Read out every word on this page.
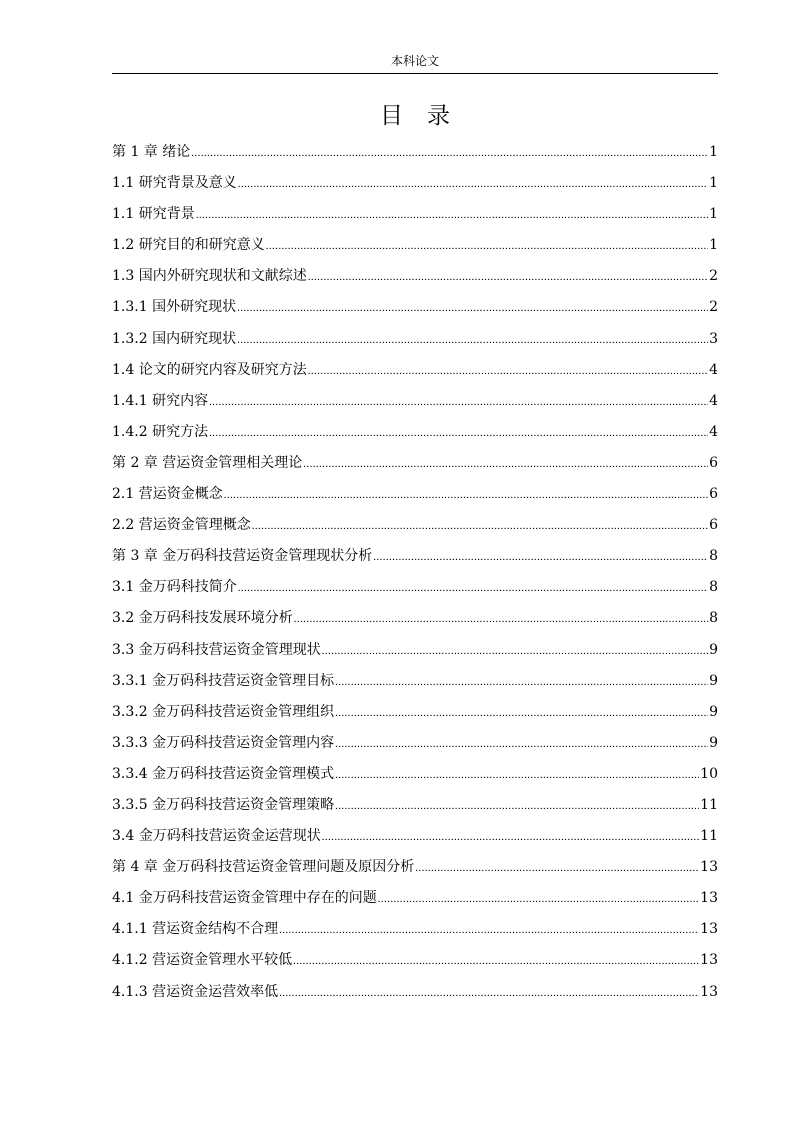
本科论文
目录
第 1 章 绪论 .....	1
1.1 研究背景及意义 .....	1
1.1 研究背景 .....	1
1.2 研究目的和研究意义 .....	1
1.3 国内外研究现状和文献综述 .....	2
1.3.1 国外研究现状 .....	2
1.3.2 国内研究现状 .....	3
1.4 论文的研究内容及研究方法 .....	4
1.4.1 研究内容 .....	4
1.4.2 研究方法 .....	4
第 2 章 营运资金管理相关理论 .....	6
2.1 营运资金概念 .....	6
2.2 营运资金管理概念 .....	6
第 3 章 金万码科技营运资金管理现状分析 .....	8
3.1 金万码科技简介 .....	8
3.2 金万码科技发展环境分析 .....	8
3.3 金万码科技营运资金管理现状 .....	9
3.3.1 金万码科技营运资金管理目标 .....	9
3.3.2 金万码科技营运资金管理组织 .....	9
3.3.3 金万码科技营运资金管理内容 .....	9
3.3.4 金万码科技营运资金管理模式 .....	10
3.3.5 金万码科技营运资金管理策略 .....	11
3.4 金万码科技营运资金运营现状 .....	11
第 4 章 金万码科技营运资金管理问题及原因分析 .....	13
4.1 金万码科技营运资金管理中存在的问题 .....	13
4.1.1 营运资金结构不合理 .....	13
4.1.2 营运资金管理水平较低 .....	13
4.1.3 营运资金运营效率低 .....	13
